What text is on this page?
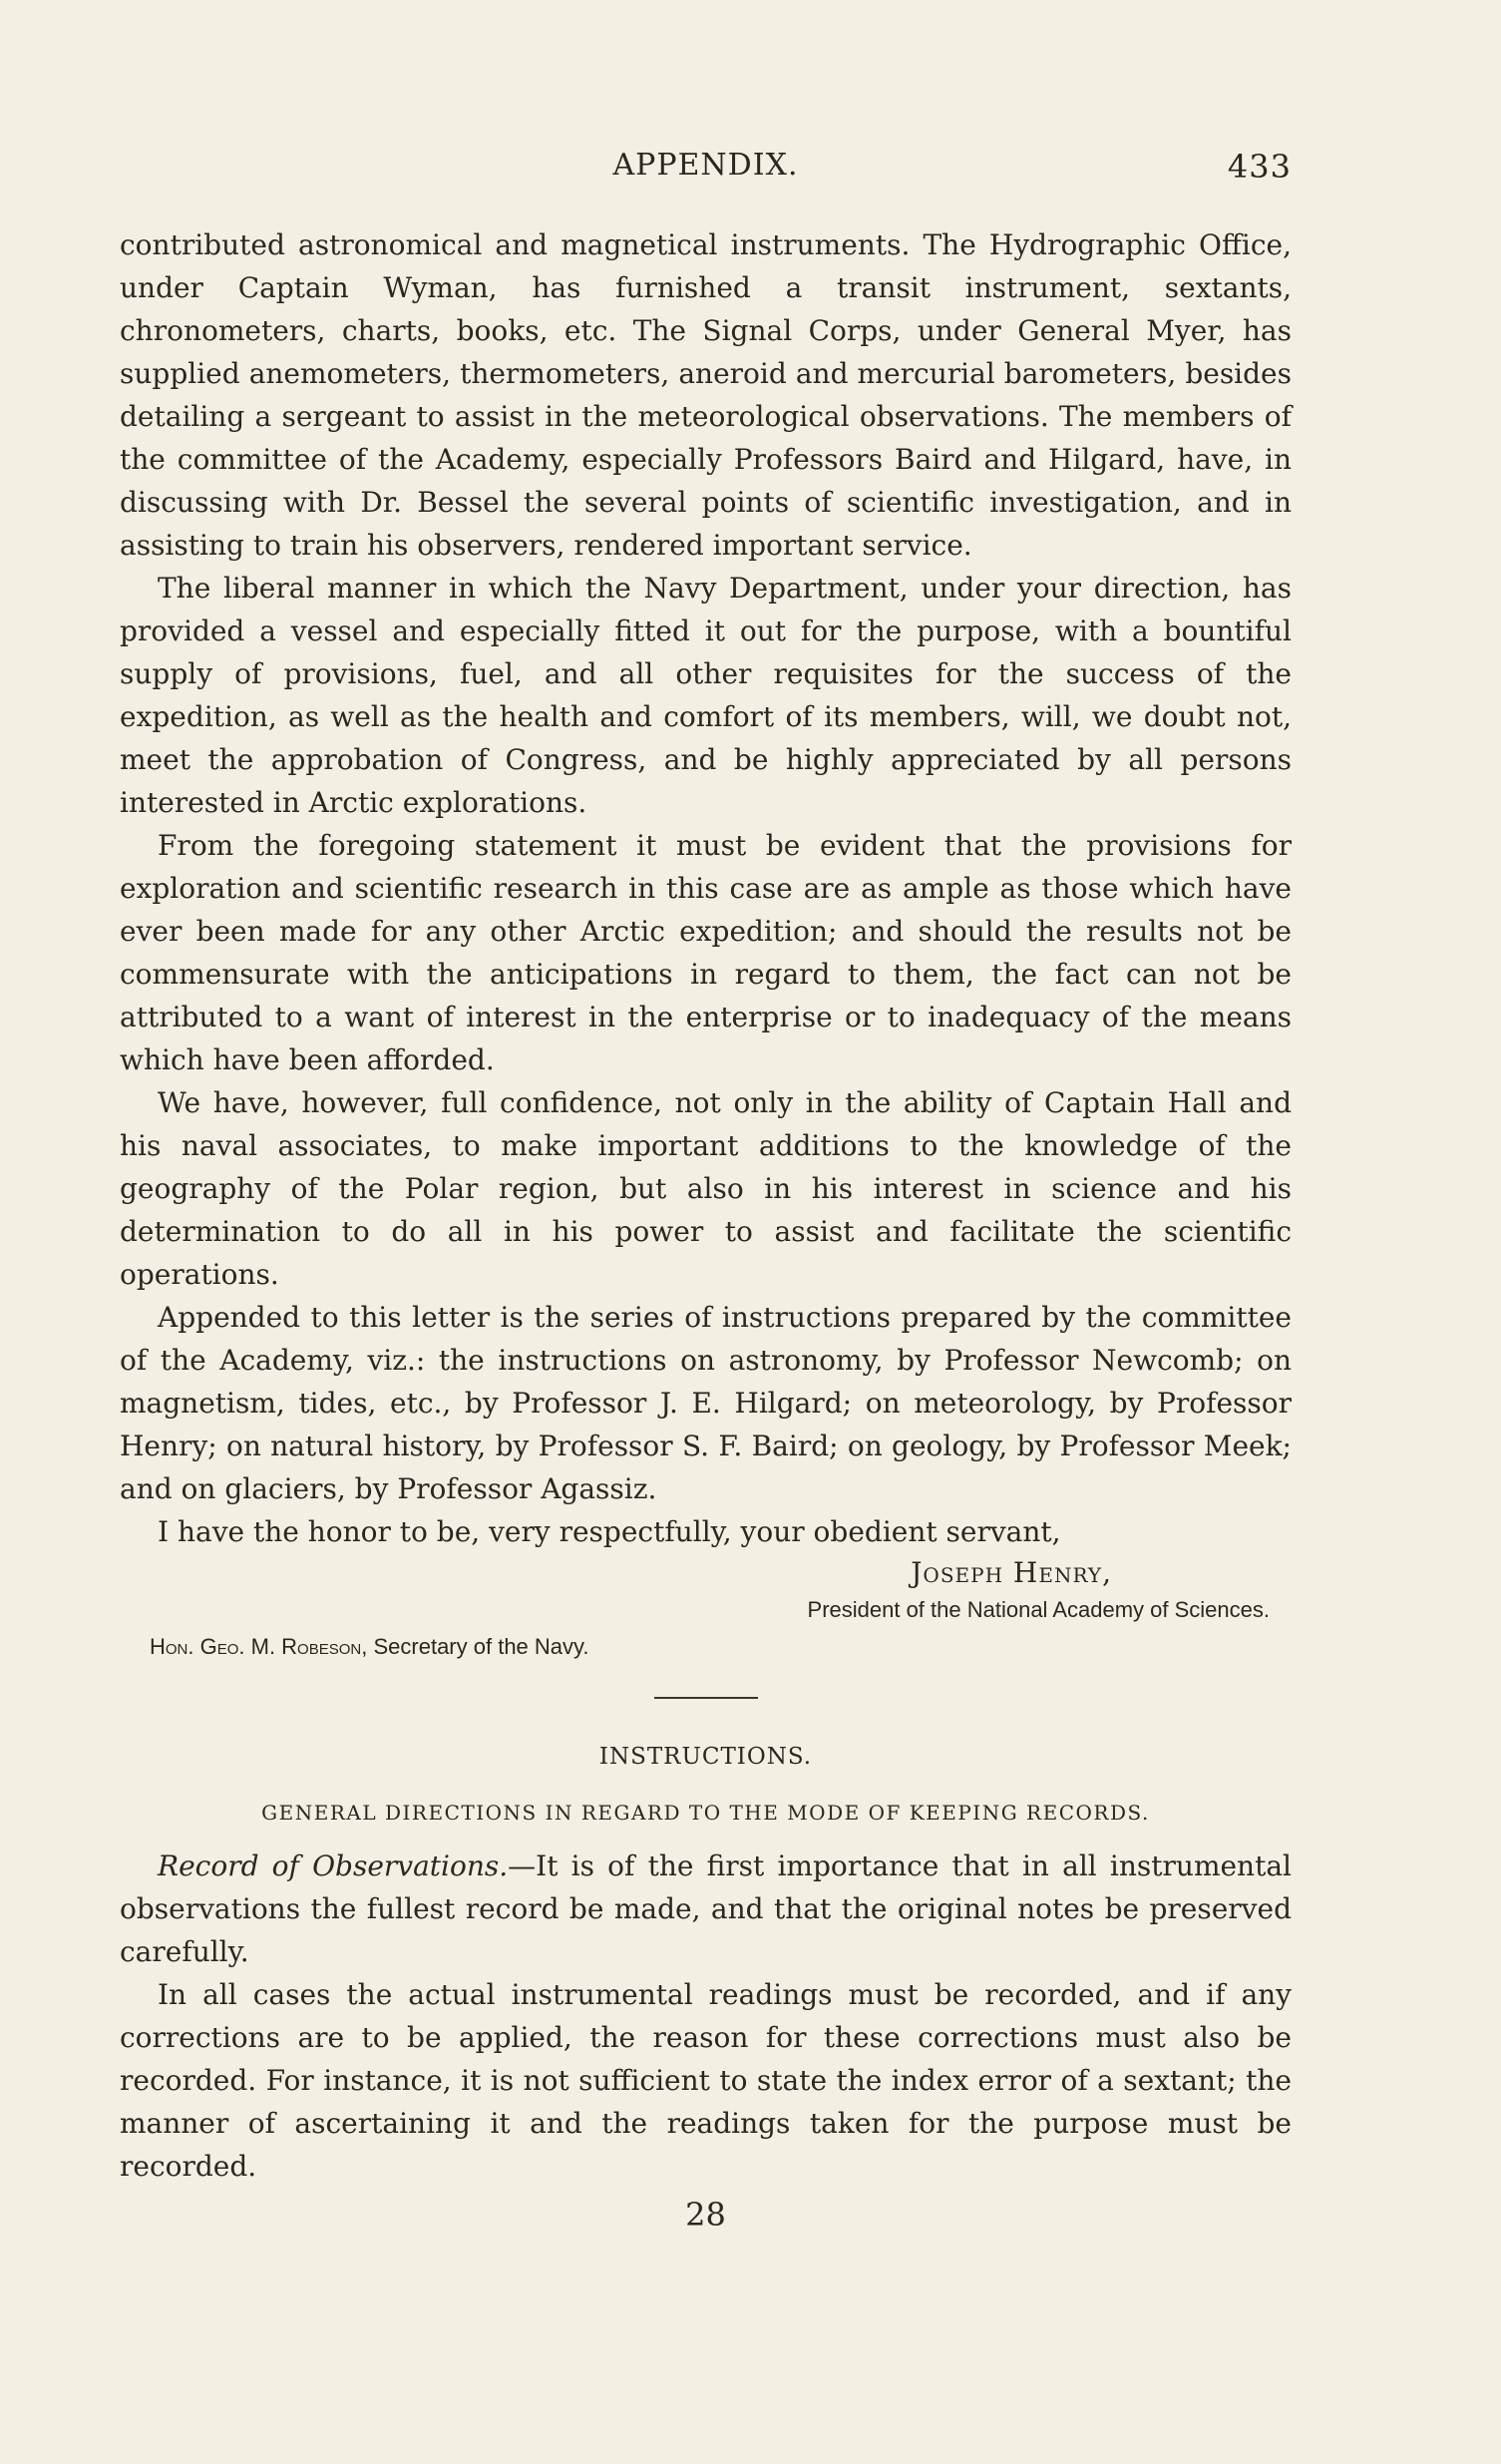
APPENDIX.	433

contributed astronomical and magnetical instruments. The Hydrographic Office, under Captain Wyman, has furnished a transit instrument, sextants, chronometers, charts, books, etc. The Signal Corps, under General Myer, has supplied anemometers, thermometers, aneroid and mercurial barometers, besides detailing a sergeant to assist in the meteorological observations. The members of the committee of the Academy, especially Professors Baird and Hilgard, have, in discussing with Dr. Bessel the several points of scientific investigation, and in assisting to train his observers, rendered important service.

The liberal manner in which the Navy Department, under your direction, has provided a vessel and especially fitted it out for the purpose, with a bountiful supply of provisions, fuel, and all other requisites for the success of the expedition, as well as the health and comfort of its members, will, we doubt not, meet the approbation of Congress, and be highly appreciated by all persons interested in Arctic explorations.

From the foregoing statement it must be evident that the provisions for exploration and scientific research in this case are as ample as those which have ever been made for any other Arctic expedition; and should the results not be commensurate with the anticipations in regard to them, the fact can not be attributed to a want of interest in the enterprise or to inadequacy of the means which have been afforded.

We have, however, full confidence, not only in the ability of Captain Hall and his naval associates, to make important additions to the knowledge of the geography of the Polar region, but also in his interest in science and his determination to do all in his power to assist and facilitate the scientific operations.

Appended to this letter is the series of instructions prepared by the committee of the Academy, viz.: the instructions on astronomy, by Professor Newcomb; on magnetism, tides, etc., by Professor J. E. Hilgard; on meteorology, by Professor Henry; on natural history, by Professor S. F. Baird; on geology, by Professor Meek; and on glaciers, by Professor Agassiz.

I have the honor to be, very respectfully, your obedient servant,

Joseph Henry,
President of the National Academy of Sciences.
Hon. Geo. M. Robeson, Secretary of the Navy.
INSTRUCTIONS.
GENERAL DIRECTIONS IN REGARD TO THE MODE OF KEEPING RECORDS.

Record of Observations.—It is of the first importance that in all instrumental observations the fullest record be made, and that the original notes be preserved carefully.

In all cases the actual instrumental readings must be recorded, and if any corrections are to be applied, the reason for these corrections must also be recorded. For instance, it is not sufficient to state the index error of a sextant; the manner of ascertaining it and the readings taken for the purpose must be recorded.

28
